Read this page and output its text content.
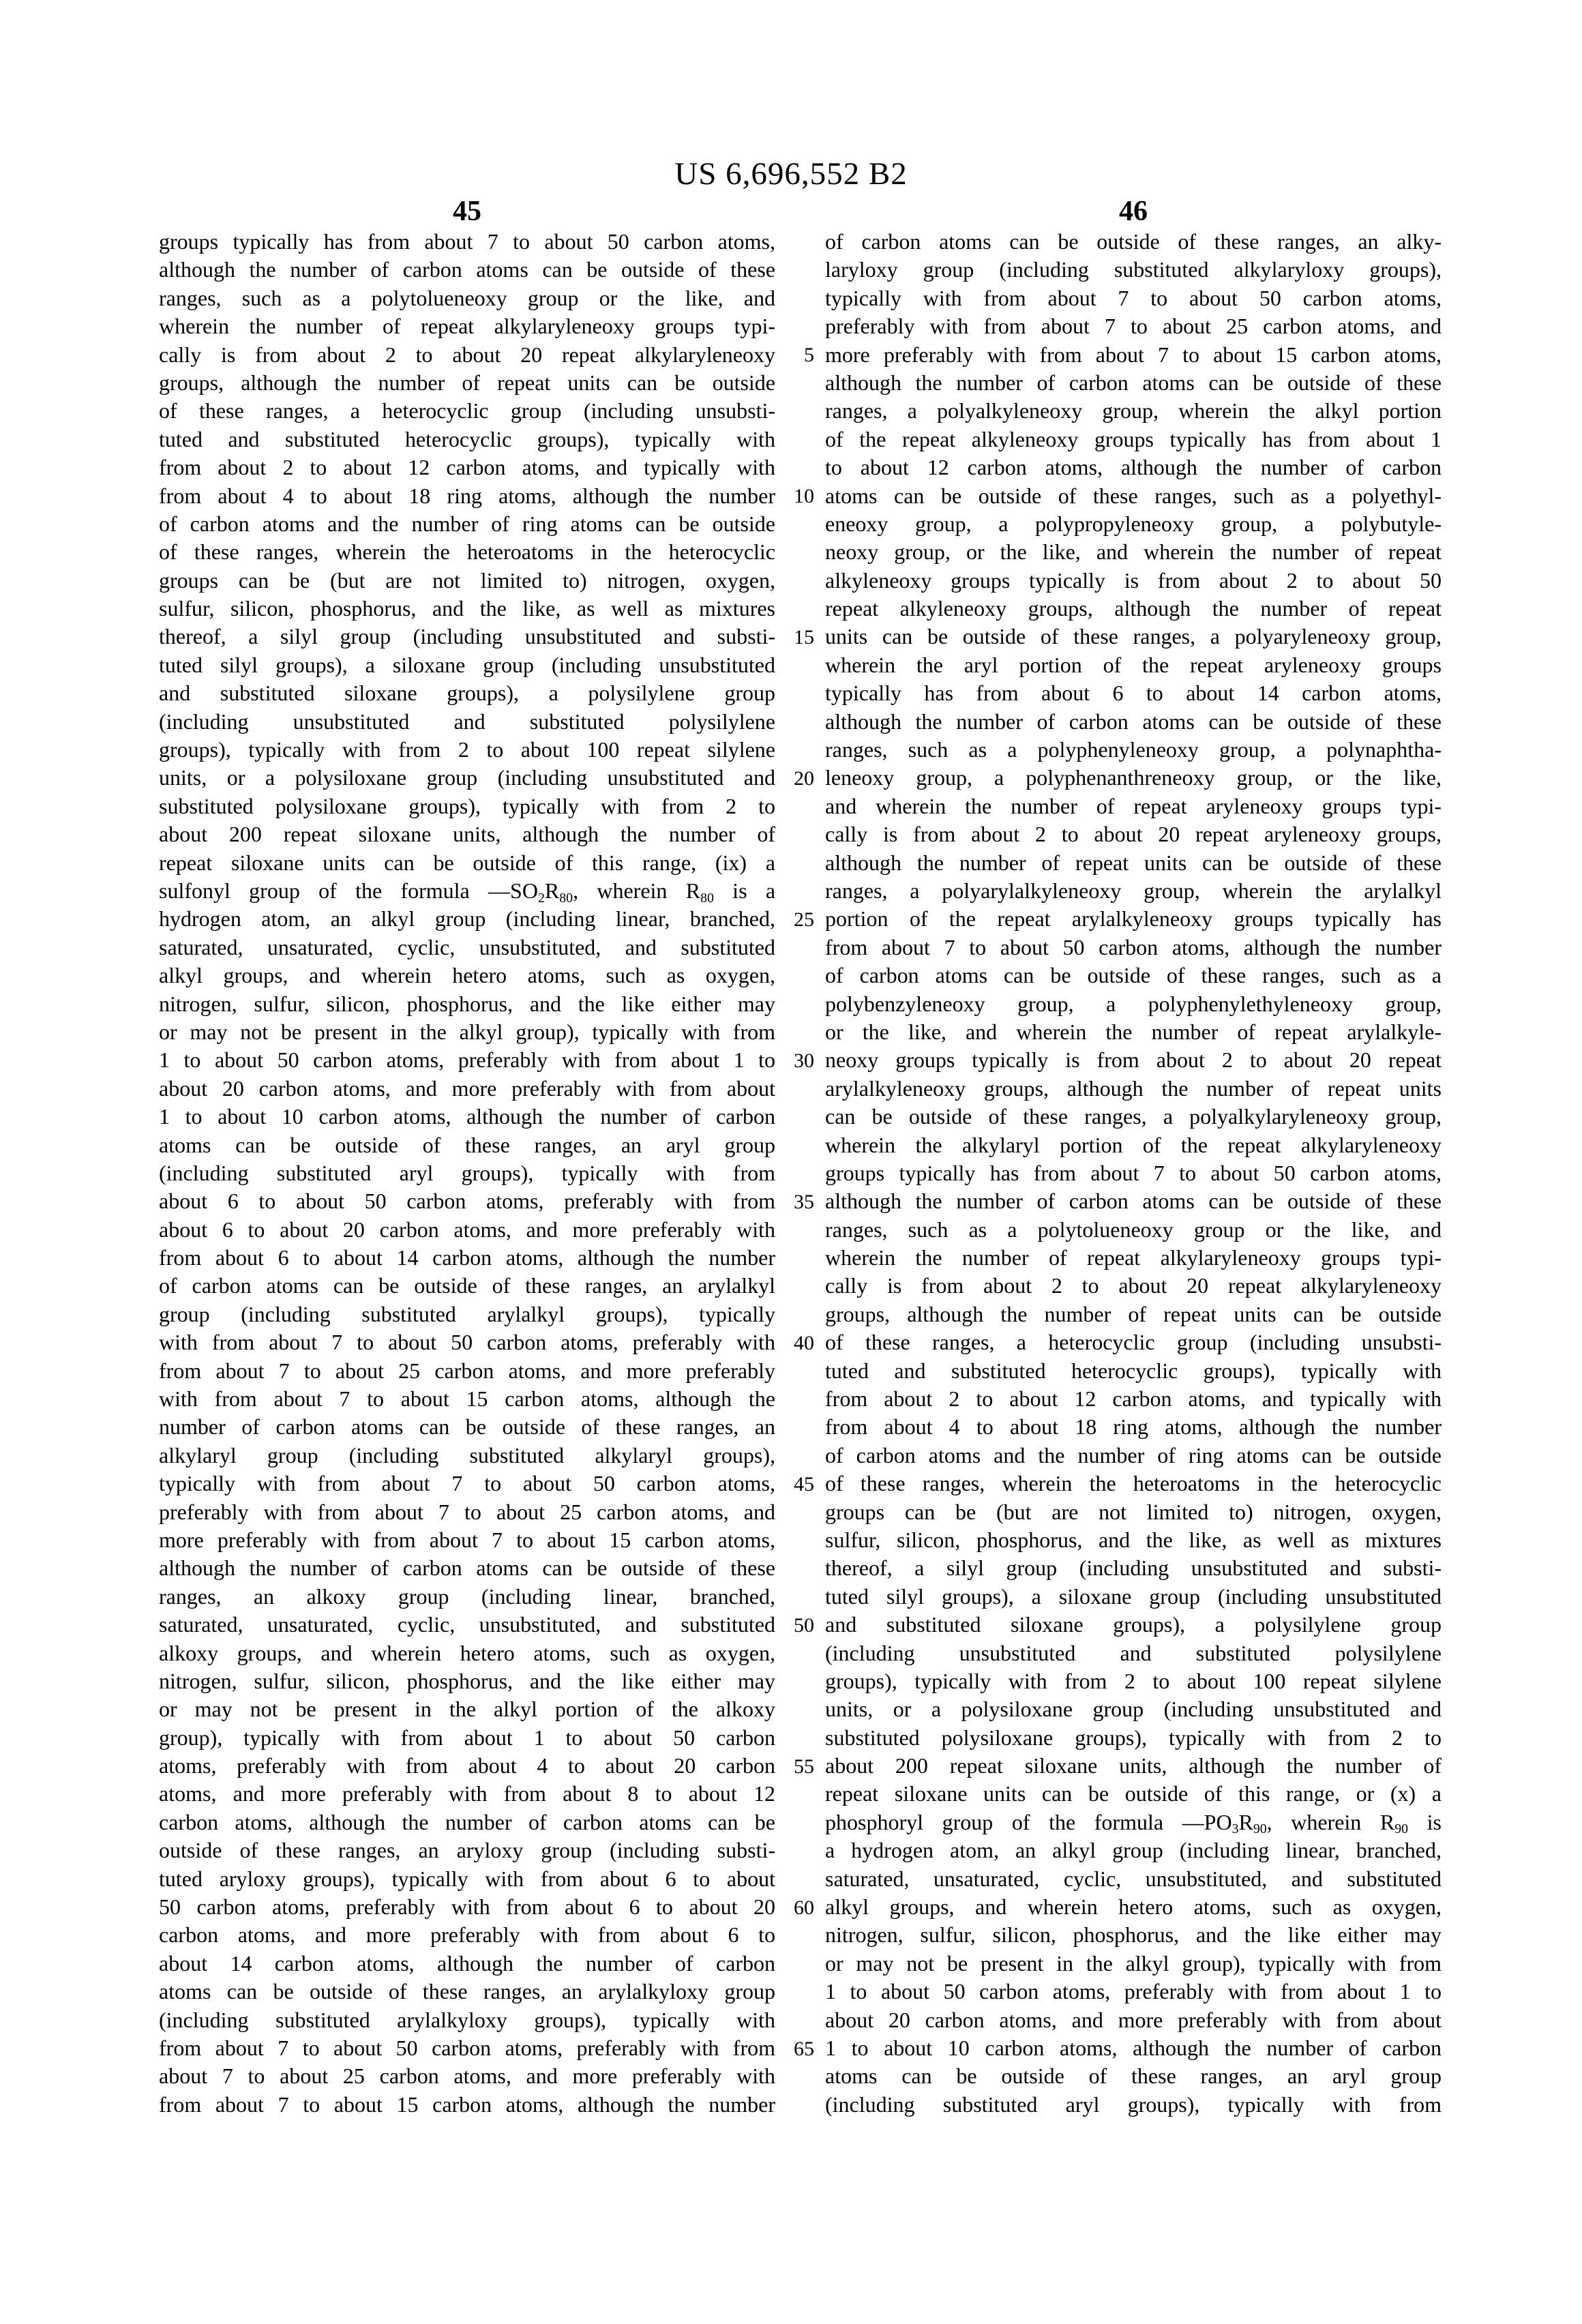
US 6,696,552 B2
45	46
5
10
15
20
25
30
35
40
45
50
55
60
65
groups typically has from about 7 to about 50 carbon atoms,
although the number of carbon atoms can be outside of these
ranges, such as a polytolueneoxy group or the like, and
wherein the number of repeat alkylaryleneoxy groups typi-
cally is from about 2 to about 20 repeat alkylaryleneoxy
groups, although the number of repeat units can be outside
of these ranges, a heterocyclic group (including unsubsti-
tuted and substituted heterocyclic groups), typically with
from about 2 to about 12 carbon atoms, and typically with
from about 4 to about 18 ring atoms, although the number
of carbon atoms and the number of ring atoms can be outside
of these ranges, wherein the heteroatoms in the heterocyclic
groups can be (but are not limited to) nitrogen, oxygen,
sulfur, silicon, phosphorus, and the like, as well as mixtures
thereof, a silyl group (including unsubstituted and substi-
tuted silyl groups), a siloxane group (including unsubstituted
and substituted siloxane groups), a polysilylene group
(including unsubstituted and substituted polysilylene
groups), typically with from 2 to about 100 repeat silylene
units, or a polysiloxane group (including unsubstituted and
substituted polysiloxane groups), typically with from 2 to
about 200 repeat siloxane units, although the number of
repeat siloxane units can be outside of this range, (ix) a
sulfonyl group of the formula $—SO_2R_{80}$, wherein $R_{80}$ is a
hydrogen atom, an alkyl group (including linear, branched,
saturated, unsaturated, cyclic, unsubstituted, and substituted
alkyl groups, and wherein hetero atoms, such as oxygen,
nitrogen, sulfur, silicon, phosphorus, and the like either may
or may not be present in the alkyl group), typically with from
1 to about 50 carbon atoms, preferably with from about 1 to
about 20 carbon atoms, and more preferably with from about
1 to about 10 carbon atoms, although the number of carbon
atoms can be outside of these ranges, an aryl group
(including substituted aryl groups), typically with from
about 6 to about 50 carbon atoms, preferably with from
about 6 to about 20 carbon atoms, and more preferably with
from about 6 to about 14 carbon atoms, although the number
of carbon atoms can be outside of these ranges, an arylalkyl
group (including substituted arylalkyl groups), typically
with from about 7 to about 50 carbon atoms, preferably with
from about 7 to about 25 carbon atoms, and more preferably
with from about 7 to about 15 carbon atoms, although the
number of carbon atoms can be outside of these ranges, an
alkylaryl group (including substituted alkylaryl groups),
typically with from about 7 to about 50 carbon atoms,
preferably with from about 7 to about 25 carbon atoms, and
more preferably with from about 7 to about 15 carbon atoms,
although the number of carbon atoms can be outside of these
ranges, an alkoxy group (including linear, branched,
saturated, unsaturated, cyclic, unsubstituted, and substituted
alkoxy groups, and wherein hetero atoms, such as oxygen,
nitrogen, sulfur, silicon, phosphorus, and the like either may
or may not be present in the alkyl portion of the alkoxy
group), typically with from about 1 to about 50 carbon
atoms, preferably with from about 4 to about 20 carbon
atoms, and more preferably with from about 8 to about 12
carbon atoms, although the number of carbon atoms can be
outside of these ranges, an aryloxy group (including substi-
tuted aryloxy groups), typically with from about 6 to about
50 carbon atoms, preferably with from about 6 to about 20
carbon atoms, and more preferably with from about 6 to
about 14 carbon atoms, although the number of carbon
atoms can be outside of these ranges, an arylalkyloxy group
(including substituted arylalkyloxy groups), typically with
from about 7 to about 50 carbon atoms, preferably with from
about 7 to about 25 carbon atoms, and more preferably with
from about 7 to about 15 carbon atoms, although the number
of carbon atoms can be outside of these ranges, an alky-
laryloxy group (including substituted alkylaryloxy groups),
typically with from about 7 to about 50 carbon atoms,
preferably with from about 7 to about 25 carbon atoms, and
more preferably with from about 7 to about 15 carbon atoms,
although the number of carbon atoms can be outside of these
ranges, a polyalkyleneoxy group, wherein the alkyl portion
of the repeat alkyleneoxy groups typically has from about 1
to about 12 carbon atoms, although the number of carbon
atoms can be outside of these ranges, such as a polyethyl-
eneoxy group, a polypropyleneoxy group, a polybutyle-
neoxy group, or the like, and wherein the number of repeat
alkyleneoxy groups typically is from about 2 to about 50
repeat alkyleneoxy groups, although the number of repeat
units can be outside of these ranges, a polyaryleneoxy group,
wherein the aryl portion of the repeat aryleneoxy groups
typically has from about 6 to about 14 carbon atoms,
although the number of carbon atoms can be outside of these
ranges, such as a polyphenyleneoxy group, a polynaphtha-
leneoxy group, a polyphenanthreneoxy group, or the like,
and wherein the number of repeat aryleneoxy groups typi-
cally is from about 2 to about 20 repeat aryleneoxy groups,
although the number of repeat units can be outside of these
ranges, a polyarylalkyleneoxy group, wherein the arylalkyl
portion of the repeat arylalkyleneoxy groups typically has
from about 7 to about 50 carbon atoms, although the number
of carbon atoms can be outside of these ranges, such as a
polybenzyleneoxy group, a polyphenylethyleneoxy group,
or the like, and wherein the number of repeat arylalkyle-
neoxy groups typically is from about 2 to about 20 repeat
arylalkyleneoxy groups, although the number of repeat units
can be outside of these ranges, a polyalkylaryleneoxy group,
wherein the alkylaryl portion of the repeat alkylaryleneoxy
groups typically has from about 7 to about 50 carbon atoms,
although the number of carbon atoms can be outside of these
ranges, such as a polytolueneoxy group or the like, and
wherein the number of repeat alkylaryleneoxy groups typi-
cally is from about 2 to about 20 repeat alkylaryleneoxy
groups, although the number of repeat units can be outside
of these ranges, a heterocyclic group (including unsubsti-
tuted and substituted heterocyclic groups), typically with
from about 2 to about 12 carbon atoms, and typically with
from about 4 to about 18 ring atoms, although the number
of carbon atoms and the number of ring atoms can be outside
of these ranges, wherein the heteroatoms in the heterocyclic
groups can be (but are not limited to) nitrogen, oxygen,
sulfur, silicon, phosphorus, and the like, as well as mixtures
thereof, a silyl group (including unsubstituted and substi-
tuted silyl groups), a siloxane group (including unsubstituted
and substituted siloxane groups), a polysilylene group
(including unsubstituted and substituted polysilylene
groups), typically with from 2 to about 100 repeat silylene
units, or a polysiloxane group (including unsubstituted and
substituted polysiloxane groups), typically with from 2 to
about 200 repeat siloxane units, although the number of
repeat siloxane units can be outside of this range, or (x) a
phosphoryl group of the formula $—PO_3R_{90}$, wherein $R_{90}$ is
a hydrogen atom, an alkyl group (including linear, branched,
saturated, unsaturated, cyclic, unsubstituted, and substituted
alkyl groups, and wherein hetero atoms, such as oxygen,
nitrogen, sulfur, silicon, phosphorus, and the like either may
or may not be present in the alkyl group), typically with from
1 to about 50 carbon atoms, preferably with from about 1 to
about 20 carbon atoms, and more preferably with from about
1 to about 10 carbon atoms, although the number of carbon
atoms can be outside of these ranges, an aryl group
(including substituted aryl groups), typically with from
